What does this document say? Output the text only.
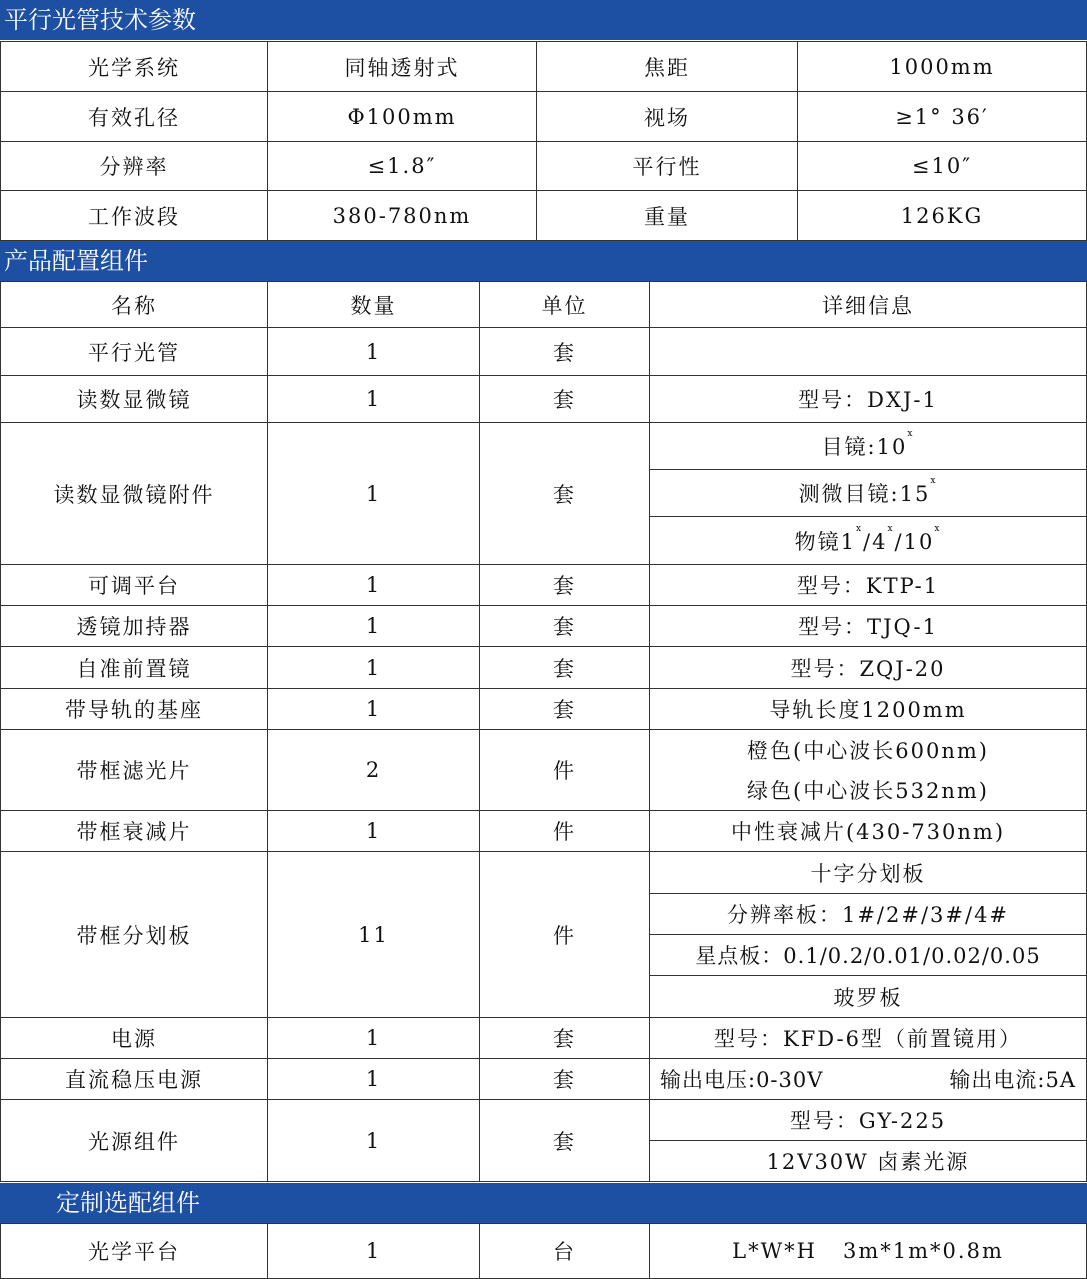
平行光管技术参数
光学系统	同轴透射式	焦距	1000mm
有效孔径	Φ100mm	视场	≥1° 36′
分辨率	≤1.8″	平行性	≤10″
工作波段	380-780nm	重量	126KG
产品配置组件
名称	数量	单位	详细信息
平行光管	1	套	
读数显微镜	1	套	型号：DXJ-1
读数显微镜附件	1	套	目镜:10$^x$
			测微目镜:15$^x$
			物镜1$^x$/4$^x$/10$^x$
可调平台	1	套	型号：KTP-1
透镜加持器	1	套	型号：TJQ-1
自准前置镜	1	套	型号：ZQJ-20
带导轨的基座	1	套	导轨长度1200mm
带框滤光片	2	件	橙色(中心波长600nm)
			绿色(中心波长532nm)
带框衰减片	1	件	中性衰减片(430-730nm)
带框分划板	11	件	十字分划板
			分辨率板：1#/2#/3#/4#
			星点板：0.1/0.2/0.01/0.02/0.05
			玻罗板
电源	1	套	型号：KFD-6型（前置镜用）
直流稳压电源	1	套	输出电压:0-30V 输出电流:5A

光源组件	1	套	型号：GY-225
			12V30W 卤素光源
定制选配组件
光学平台	1	台	L*W*H   3m*1m*0.8m
